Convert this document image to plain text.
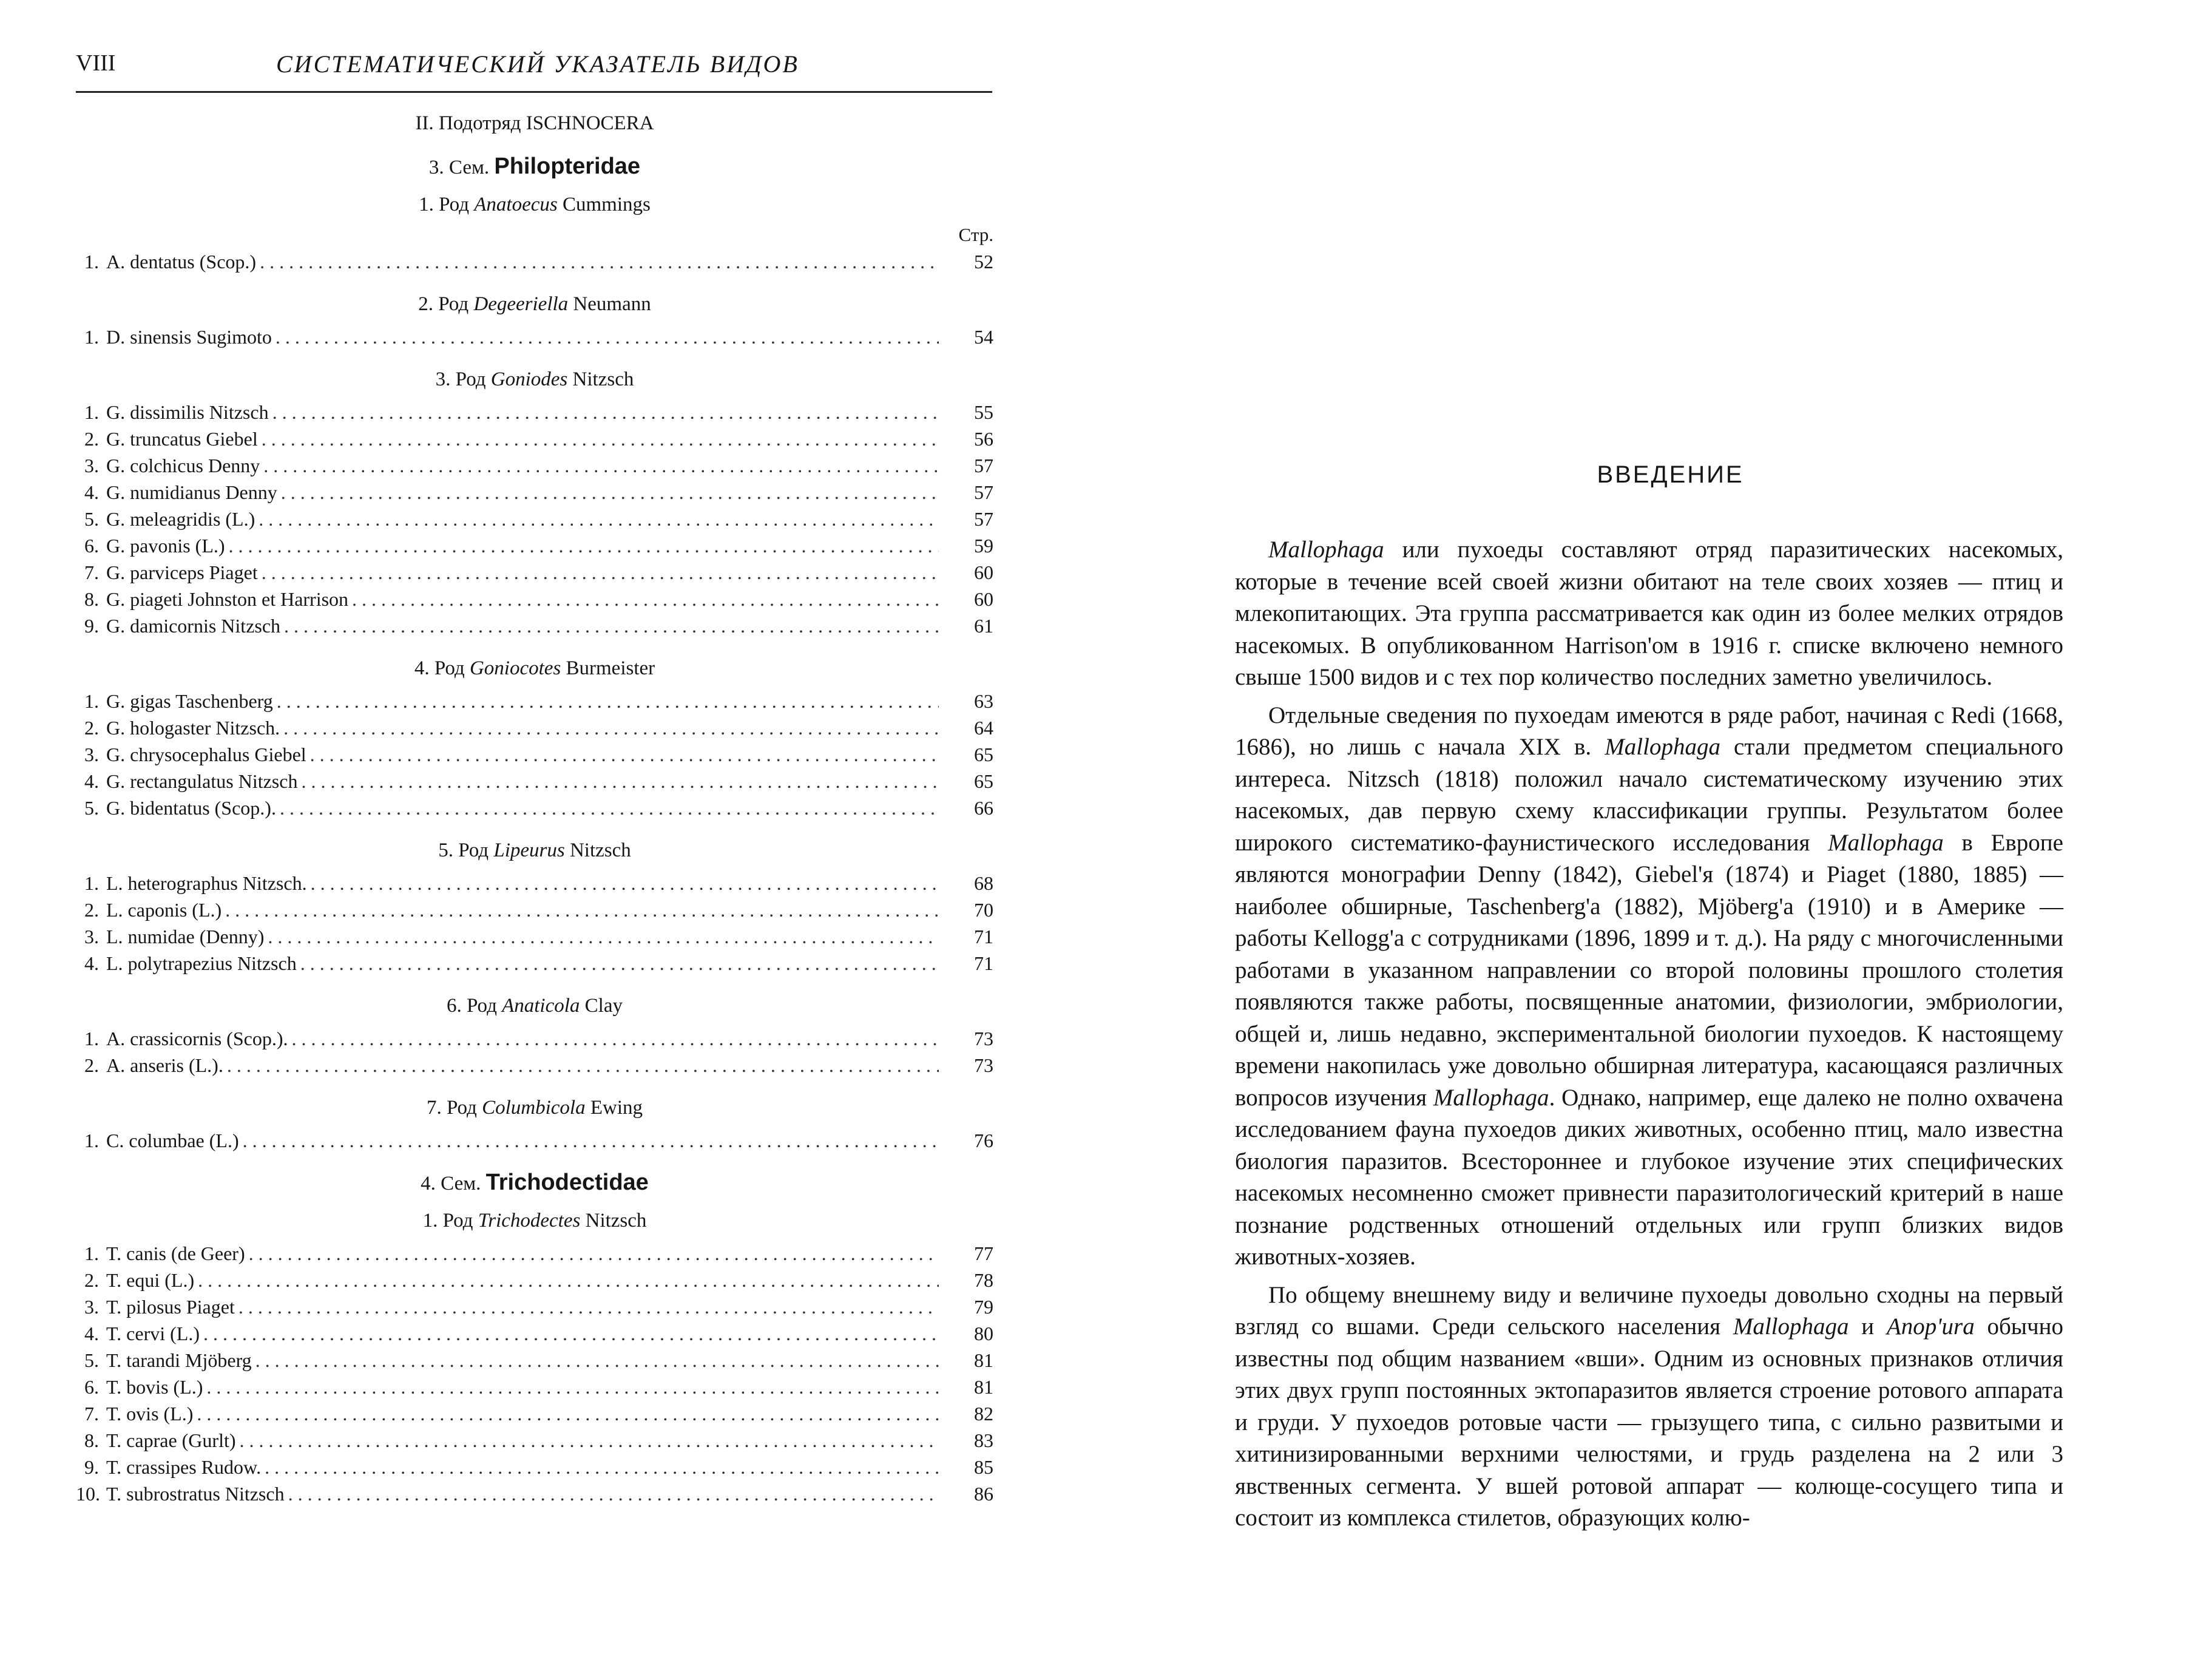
VIII	СИСТЕМАТИЧЕСКИЙ УКАЗАТЕЛЬ ВИДОВ
II. Подотряд ISCHNOCERA
3. Сем. Philopteridae
1. Род Anatoecus Cummings
Стр.
1. A. dentatus (Scop.) . . .	52
2. Род Degeeriella Neumann
1. D. sinensis Sugimoto . . .	54
3. Род Goniodes Nitzsch
1. G. dissimilis Nitzsch . . .	55
2. G. truncatus Giebel . . .	56
3. G. colchicus Denny . . .	57
4. G. numidianus Denny . . .	57
5. G. meleagridis (L.) . . .	57
6. G. pavonis (L.) . . .	59
7. G. parviceps Piaget . . .	60
8. G. piageti Johnston et Harrison . . .	60
9. G. damicornis Nitzsch . . .	61
4. Род Goniocotes Burmeister
1. G. gigas Taschenberg . . .	63
2. G. hologaster Nitzsch. . . .	64
3. G. chrysocephalus Giebel . . .	65
4. G. rectangulatus Nitzsch . . .	65
5. G. bidentatus (Scop.). . . .	66
5. Род Lipeurus Nitzsch
1. L. heterographus Nitzsch. . . .	68
2. L. caponis (L.) . . .	70
3. L. numidae (Denny) . . .	71
4. L. polytrapezius Nitzsch . . .	71
6. Род Anaticola Clay
1. A. crassicornis (Scop.). . . .	73
2. A. anseris (L.). . . .	73
7. Род Columbicola Ewing
1. C. columbae (L.) . . .	76
4. Сем. Trichodectidae
1. Род Trichodectes Nitzsch
1. T. canis (de Geer) . . .	77
2. T. equi (L.) . . .	78
3. T. pilosus Piaget . . .	79
4. T. cervi (L.) . . .	80
5. T. tarandi Mjöberg . . .	81
6. T. bovis (L.) . . .	81
7. T. ovis (L.) . . .	82
8. T. caprae (Gurlt) . . .	83
9. T. crassipes Rudow. . . .	85
10. T. subrostratus Nitzsch . . .	86
ВВЕДЕНИЕ

Mallophaga или пухоеды составляют отряд паразитических насекомых, которые в течение всей своей жизни обитают на теле своих хозяев — птиц и млекопитающих. Эта группа рассматривается как один из более мелких отрядов насекомых. В опубликованном Harrison'ом в 1916 г. списке включено немного свыше 1500 видов и с тех пор количество последних заметно увеличилось.

Отдельные сведения по пухоедам имеются в ряде работ, начиная с Redi (1668, 1686), но лишь с начала XIX в. Mallophaga стали предметом специального интереса. Nitzsch (1818) положил начало систематическому изучению этих насекомых, дав первую схему классификации группы. Результатом более широкого систематико-фаунистического исследования Mallophaga в Европе являются монографии Denny (1842), Giebel'я (1874) и Piaget (1880, 1885) — наиболее обширные, Taschenberg'a (1882), Mjöberg'a (1910) и в Америке — работы Kellogg'a с сотрудниками (1896, 1899 и т. д.). На ряду с многочисленными работами в указанном направлении со второй половины прошлого столетия появляются также работы, посвященные анатомии, физиологии, эмбриологии, общей и, лишь недавно, экспериментальной биологии пухоедов. К настоящему времени накопилась уже довольно обширная литература, касающаяся различных вопросов изучения Mallophaga. Однако, например, еще далеко не полно охвачена исследованием фауна пухоедов диких животных, особенно птиц, мало известна биология паразитов. Всестороннее и глубокое изучение этих специфических насекомых несомненно сможет привнести паразитологический критерий в наше познание родственных отношений отдельных или групп близких видов животных-хозяев.

По общему внешнему виду и величине пухоеды довольно сходны на первый взгляд со вшами. Среди сельского населения Mallophaga и Anop'ura обычно известны под общим названием «вши». Одним из основных признаков отличия этих двух групп постоянных эктопаразитов является строение ротового аппарата и груди. У пухоедов ротовые части — грызущего типа, с сильно развитыми и хитинизированными верхними челюстями, и грудь разделена на 2 или 3 явственных сегмента. У вшей ротовой аппарат — колюще-сосущего типа и состоит из комплекса стилетов, образующих колю-
